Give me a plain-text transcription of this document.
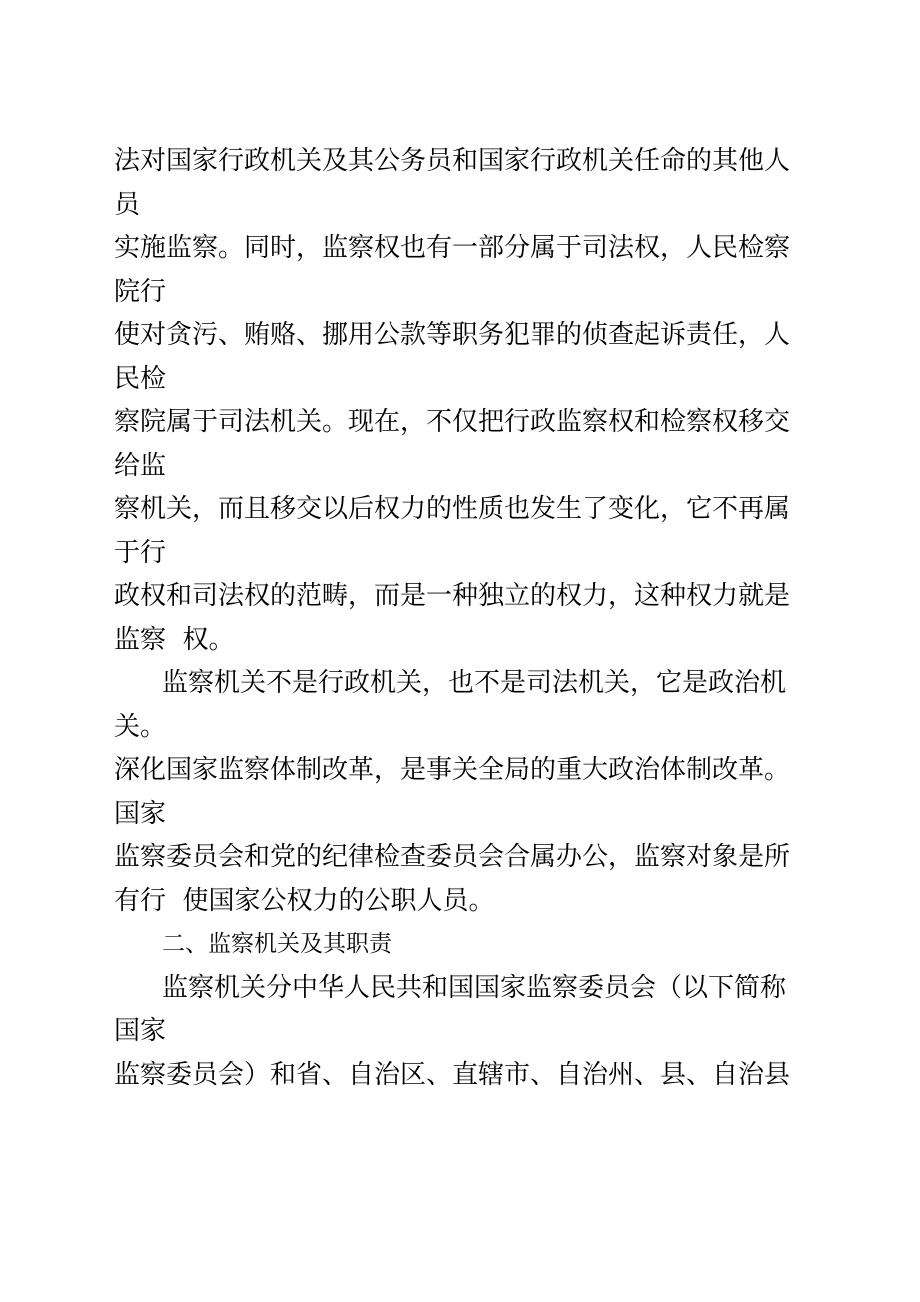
法对国家行政机关及其公务员和国家行政机关任命的其他人
员
实施监察。同时，监察权也有一部分属于司法权，人民检察
院行
使对贪污、贿赂、挪用公款等职务犯罪的侦查起诉责任，人
民检
察院属于司法机关。现在，不仅把行政监察权和检察权移交
给监
察机关，而且移交以后权力的性质也发生了变化，它不再属
于行
政权和司法权的范畴，而是一种独立的权力，这种权力就是
监察  权。
监察机关不是行政机关，也不是司法机关，它是政治机
关。
深化国家监察体制改革，是事关全局的重大政治体制改革。
国家
监察委员会和党的纪律检查委员会合属办公，监察对象是所
有行  使国家公权力的公职人员。
二、监察机关及其职责
监察机关分中华人民共和国国家监察委员会（以下简称
国家
监察委员会）和省、自治区、直辖市、自治州、县、自治县
